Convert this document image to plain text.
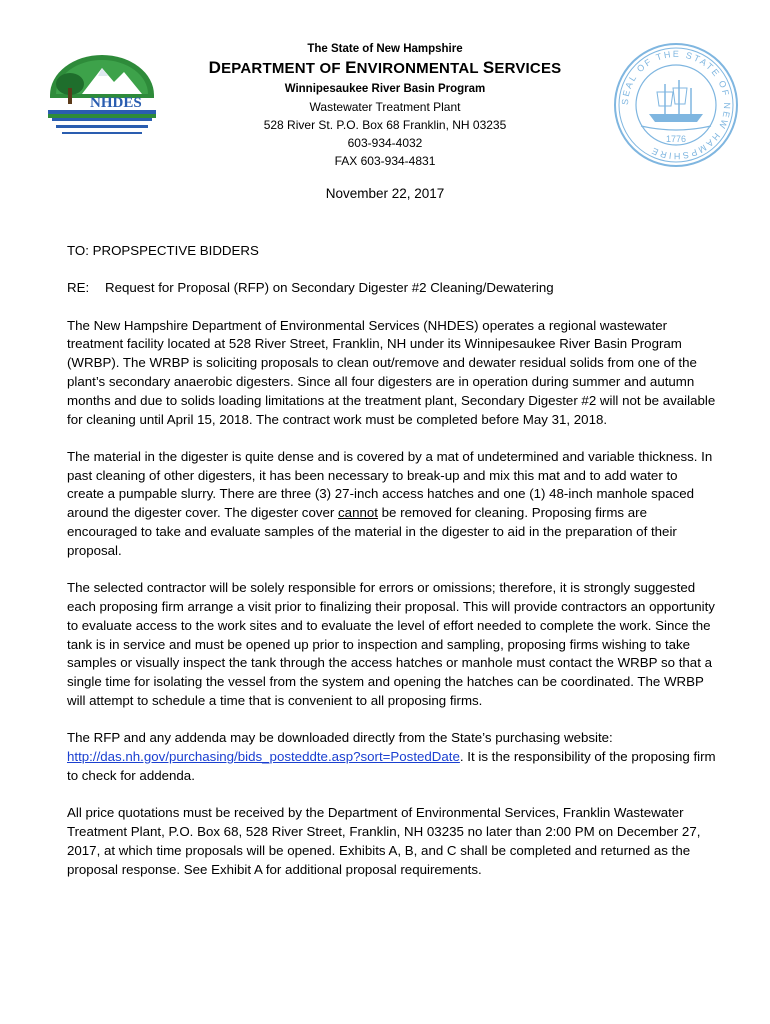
NHDES	SEAL OF THE STATE OF NEW HAMPSHIRE
1776
The State of New Hampshire
DEPARTMENT OF ENVIRONMENTAL SERVICES
Winnipesaukee River Basin Program
Wastewater Treatment Plant
528 River St. P.O. Box 68 Franklin, NH 03235
603-934-4032
FAX 603-934-4831
November 22, 2017

TO: PROPSPECTIVE BIDDERS

RE: Request for Proposal (RFP) on Secondary Digester #2 Cleaning/Dewatering

The New Hampshire Department of Environmental Services (NHDES) operates a regional wastewater treatment facility located at 528 River Street, Franklin, NH under its Winnipesaukee River Basin Program (WRBP). The WRBP is soliciting proposals to clean out/remove and dewater residual solids from one of the plant’s secondary anaerobic digesters. Since all four digesters are in operation during summer and autumn months and due to solids loading limitations at the treatment plant, Secondary Digester #2 will not be available for cleaning until April 15, 2018. The contract work must be completed before May 31, 2018.

The material in the digester is quite dense and is covered by a mat of undetermined and variable thickness. In past cleaning of other digesters, it has been necessary to break-up and mix this mat and to add water to create a pumpable slurry. There are three (3) 27-inch access hatches and one (1) 48-inch manhole spaced around the digester cover. The digester cover cannot be removed for cleaning. Proposing firms are encouraged to take and evaluate samples of the material in the digester to aid in the preparation of their proposal.

The selected contractor will be solely responsible for errors or omissions; therefore, it is strongly suggested each proposing firm arrange a visit prior to finalizing their proposal. This will provide contractors an opportunity to evaluate access to the work sites and to evaluate the level of effort needed to complete the work. Since the tank is in service and must be opened up prior to inspection and sampling, proposing firms wishing to take samples or visually inspect the tank through the access hatches or manhole must contact the WRBP so that a single time for isolating the vessel from the system and opening the hatches can be coordinated. The WRBP will attempt to schedule a time that is convenient to all proposing firms.

The RFP and any addenda may be downloaded directly from the State’s purchasing website: http://das.nh.gov/purchasing/bids_posteddte.asp?sort=PostedDate. It is the responsibility of the proposing firm to check for addenda.

All price quotations must be received by the Department of Environmental Services, Franklin Wastewater Treatment Plant, P.O. Box 68, 528 River Street, Franklin, NH 03235 no later than 2:00 PM on December 27, 2017, at which time proposals will be opened. Exhibits A, B, and C shall be completed and returned as the proposal response. See Exhibit A for additional proposal requirements.
